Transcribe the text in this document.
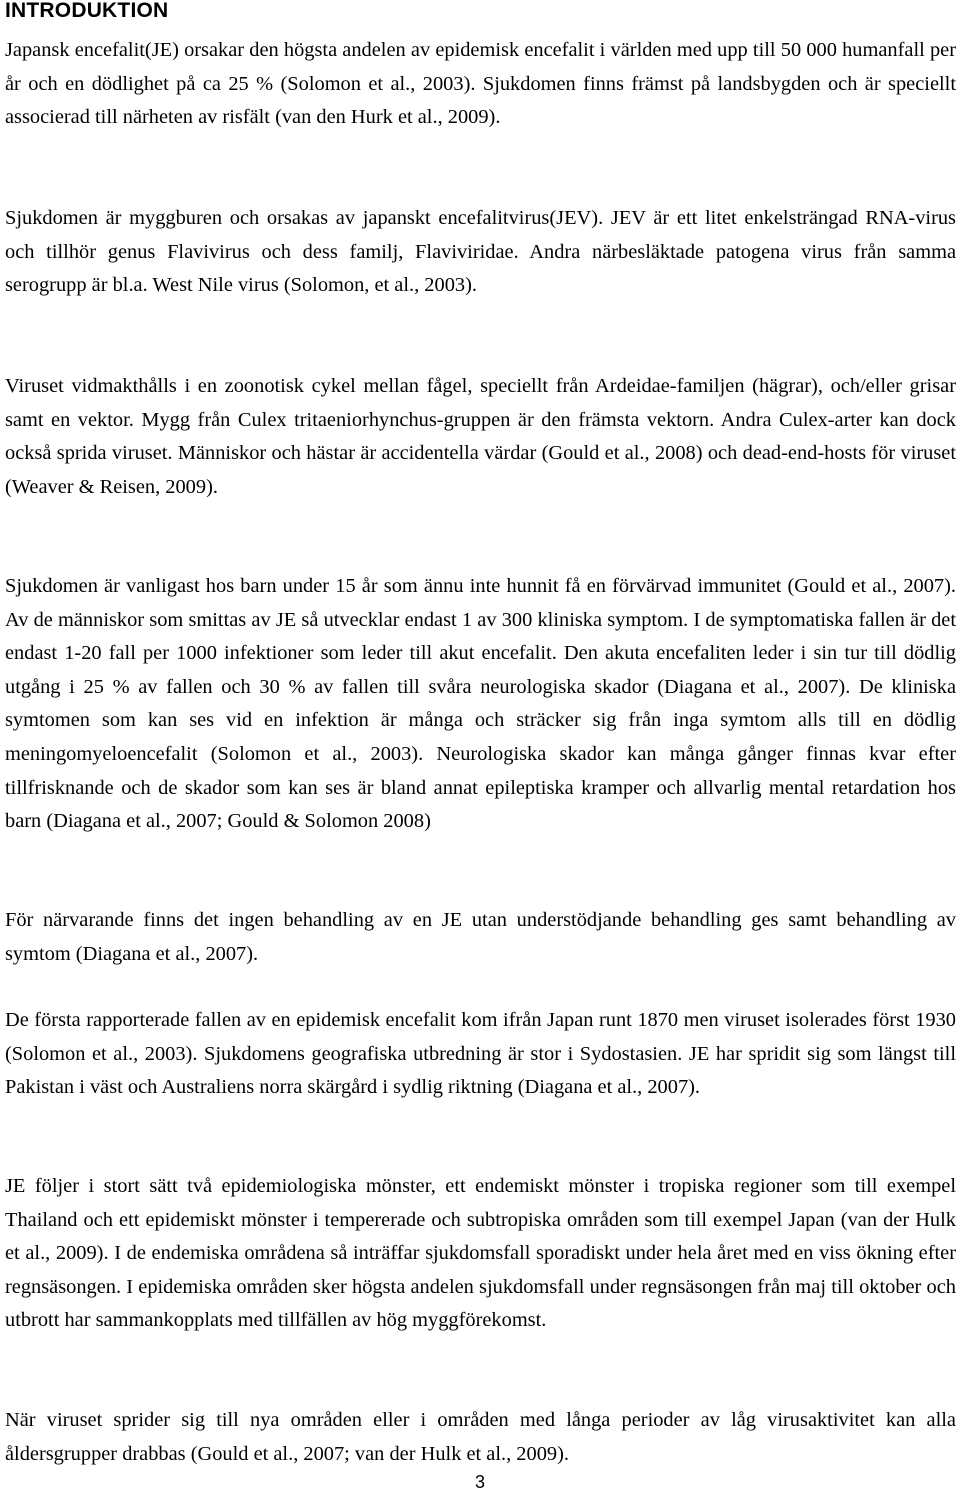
INTRODUKTION

Japansk encefalit(JE) orsakar den högsta andelen av epidemisk encefalit i världen med upp till 50 000 humanfall per år och en dödlighet på ca 25 % (Solomon et al., 2003). Sjukdomen finns främst på landsbygden och är speciellt associerad till närheten av risfält (van den Hurk et al., 2009).

Sjukdomen är myggburen och orsakas av japanskt encefalitvirus(JEV). JEV är ett litet enkelsträngad RNA-virus och tillhör genus Flavivirus och dess familj, Flaviviridae. Andra närbesläktade patogena virus från samma serogrupp är bl.a. West Nile virus (Solomon, et al., 2003).

Viruset vidmakthålls i en zoonotisk cykel mellan fågel, speciellt från Ardeidae-familjen (hägrar), och/eller grisar samt en vektor. Mygg från Culex tritaeniorhynchus-gruppen är den främsta vektorn. Andra Culex-arter kan dock också sprida viruset. Människor och hästar är accidentella värdar (Gould et al., 2008) och dead-end-hosts för viruset (Weaver & Reisen, 2009).

Sjukdomen är vanligast hos barn under 15 år som ännu inte hunnit få en förvärvad immunitet (Gould et al., 2007). Av de människor som smittas av JE så utvecklar endast 1 av 300 kliniska symptom. I de symptomatiska fallen är det endast 1-20 fall per 1000 infektioner som leder till akut encefalit. Den akuta encefaliten leder i sin tur till dödlig utgång i 25 % av fallen och 30 % av fallen till svåra neurologiska skador (Diagana et al., 2007). De kliniska symtomen som kan ses vid en infektion är många och sträcker sig från inga symtom alls till en dödlig meningomyeloencefalit (Solomon et al., 2003). Neurologiska skador kan många gånger finnas kvar efter tillfrisknande och de skador som kan ses är bland annat epileptiska kramper och allvarlig mental retardation hos barn (Diagana et al., 2007; Gould & Solomon 2008)

För närvarande finns det ingen behandling av en JE utan understödjande behandling ges samt behandling av symtom (Diagana et al., 2007).

De första rapporterade fallen av en epidemisk encefalit kom ifrån Japan runt 1870 men viruset isolerades först 1930 (Solomon et al., 2003). Sjukdomens geografiska utbredning är stor i Sydostasien. JE har spridit sig som längst till Pakistan i väst och Australiens norra skärgård i sydlig riktning (Diagana et al., 2007).

JE följer i stort sätt två epidemiologiska mönster, ett endemiskt mönster i tropiska regioner som till exempel Thailand och ett epidemiskt mönster i tempererade och subtropiska områden som till exempel Japan (van der Hulk et al., 2009). I de endemiska områdena så inträffar sjukdomsfall sporadiskt under hela året med en viss ökning efter regnsäsongen. I epidemiska områden sker högsta andelen sjukdomsfall under regnsäsongen från maj till oktober och utbrott har sammankopplats med tillfällen av hög myggförekomst.

När viruset sprider sig till nya områden eller i områden med långa perioder av låg virusaktivitet kan alla åldersgrupper drabbas (Gould et al., 2007; van der Hulk et al., 2009).

3
